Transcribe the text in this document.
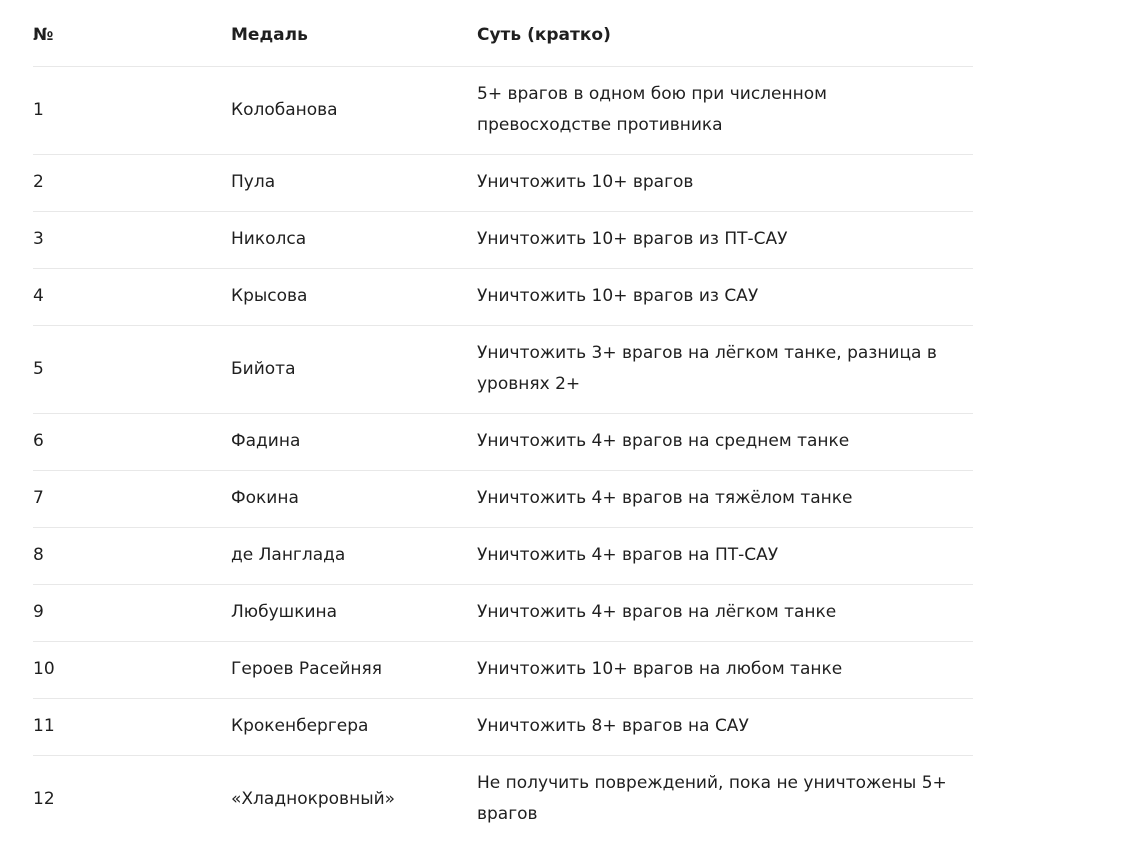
№	Медаль	Суть (кратко)
1	Колобанова	5+ врагов в одном бою при численном превосходстве противника
2	Пула	Уничтожить 10+ врагов
3	Николса	Уничтожить 10+ врагов из ПТ-САУ
4	Крысова	Уничтожить 10+ врагов из САУ
5	Бийота	Уничтожить 3+ врагов на лёгком танке, разница в уровнях 2+
6	Фадина	Уничтожить 4+ врагов на среднем танке
7	Фокина	Уничтожить 4+ врагов на тяжёлом танке
8	де Ланглада	Уничтожить 4+ врагов на ПТ-САУ
9	Любушкина	Уничтожить 4+ врагов на лёгком танке
10	Героев Расейняя	Уничтожить 10+ врагов на любом танке
11	Крокенбергера	Уничтожить 8+ врагов на САУ
12	«Хладнокровный»	Не получить повреждений, пока не уничтожены 5+ врагов
